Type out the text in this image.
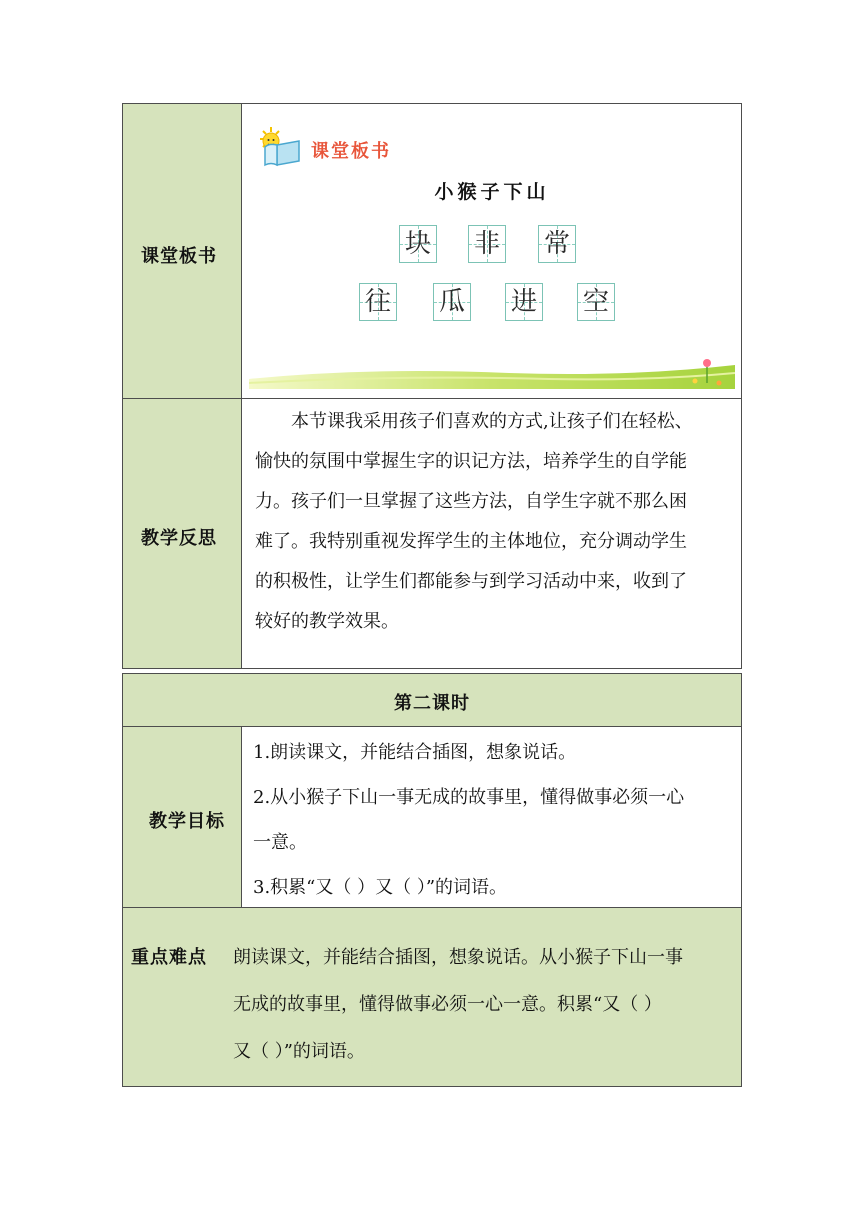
课堂板书
教学反思
课堂板书
小猴子下山
块 非 常
往 瓜 进 空
本节课我采用孩子们喜欢的方式,让孩子们在轻松、
愉快的氛围中掌握生字的识记方法，培养学生的自学能
力。孩子们一旦掌握了这些方法，自学生字就不那么困
难了。我特别重视发挥学生的主体地位，充分调动学生
的积极性，让学生们都能参与到学习活动中来，收到了
较好的教学效果。
第二课时
教学目标
1.朗读课文，并能结合插图，想象说话。
2.从小猴子下山一事无成的故事里，懂得做事必须一心
一意。
3.积累“又（ ）又（ ）”的词语。
重点难点 朗读课文，并能结合插图，想象说话。从小猴子下山一事
无成的故事里，懂得做事必须一心一意。积累“又（ ）
又（ ）”的词语。
